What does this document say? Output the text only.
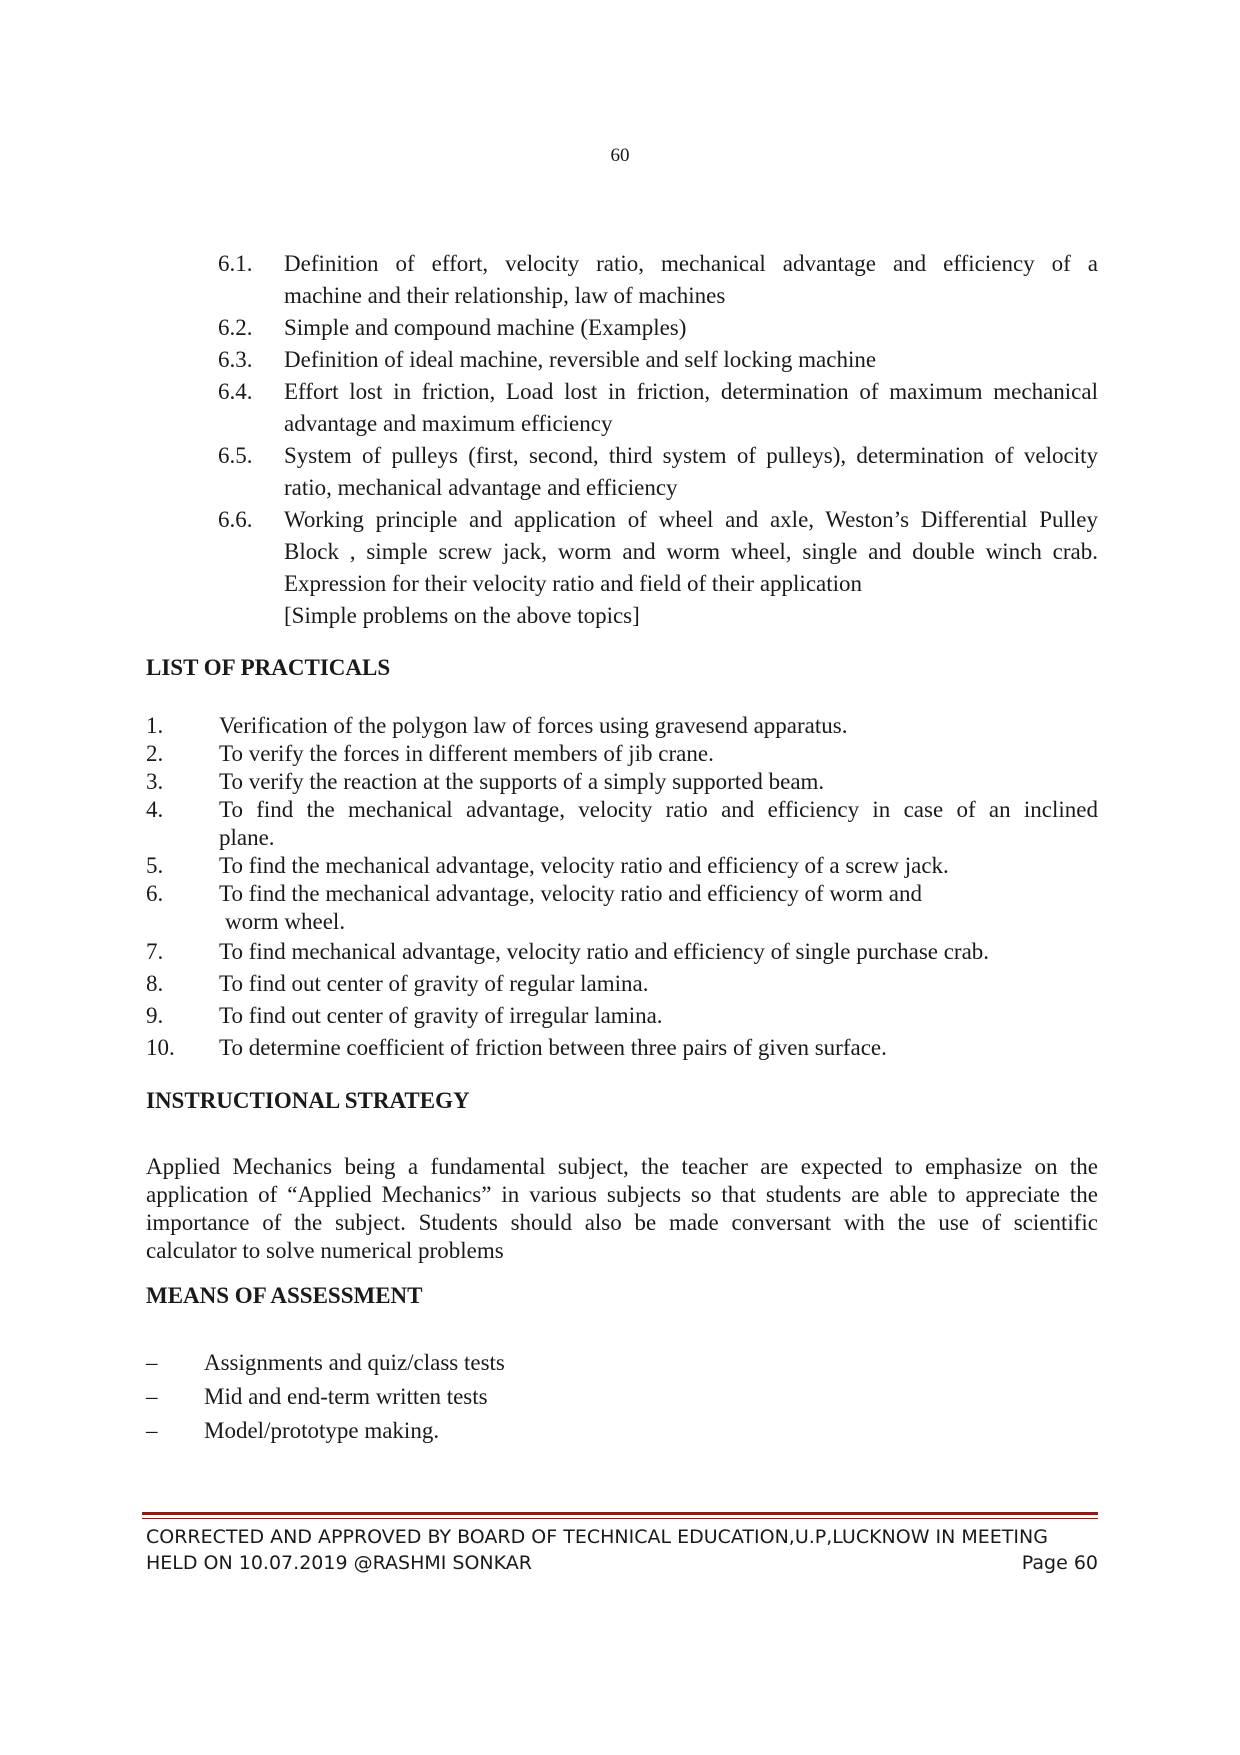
60
6.1.	Definition of effort, velocity ratio, mechanical advantage and efficiency of a
machine and their relationship, law of machines
6.2.	Simple and compound machine (Examples)
6.3.	Definition of ideal machine, reversible and self locking machine
6.4.	Effort lost in friction, Load lost in friction, determination of maximum mechanical
advantage and maximum efficiency
6.5.	System of pulleys (first, second, third system of pulleys), determination of velocity
ratio, mechanical advantage and efficiency
6.6.	Working principle and application of wheel and axle, Weston’s Differential Pulley
Block , simple screw jack, worm and worm wheel, single and double winch crab.
Expression for their velocity ratio and field of their application
[Simple problems on the above topics]
LIST OF PRACTICALS
1.	Verification of the polygon law of forces using gravesend apparatus.
2.	To verify the forces in different members of jib crane.
3.	To verify the reaction at the supports of a simply supported beam.
4.	To find the mechanical advantage, velocity ratio and efficiency in case of an inclined
plane.
5.	To find the mechanical advantage, velocity ratio and efficiency of a screw jack.
6.	To find the mechanical advantage, velocity ratio and efficiency of worm and
worm wheel.
7.	To find mechanical advantage, velocity ratio and efficiency of single purchase crab.
8.	To find out center of gravity of regular lamina.
9.	To find out center of gravity of irregular lamina.
10.	To determine coefficient of friction between three pairs of given surface.
INSTRUCTIONAL STRATEGY
Applied Mechanics being a fundamental subject, the teacher are expected to emphasize on the
application of “Applied Mechanics” in various subjects so that students are able to appreciate the
importance of the subject. Students should also be made conversant with the use of scientific
calculator to solve numerical problems
MEANS OF ASSESSMENT
–	Assignments and quiz/class tests
–	Mid and end-term written tests
–	Model/prototype making.
CORRECTED AND APPROVED BY BOARD OF TECHNICAL EDUCATION,U.P,LUCKNOW IN MEETING
HELD ON 10.07.2019 @RASHMI SONKAR	Page 60
